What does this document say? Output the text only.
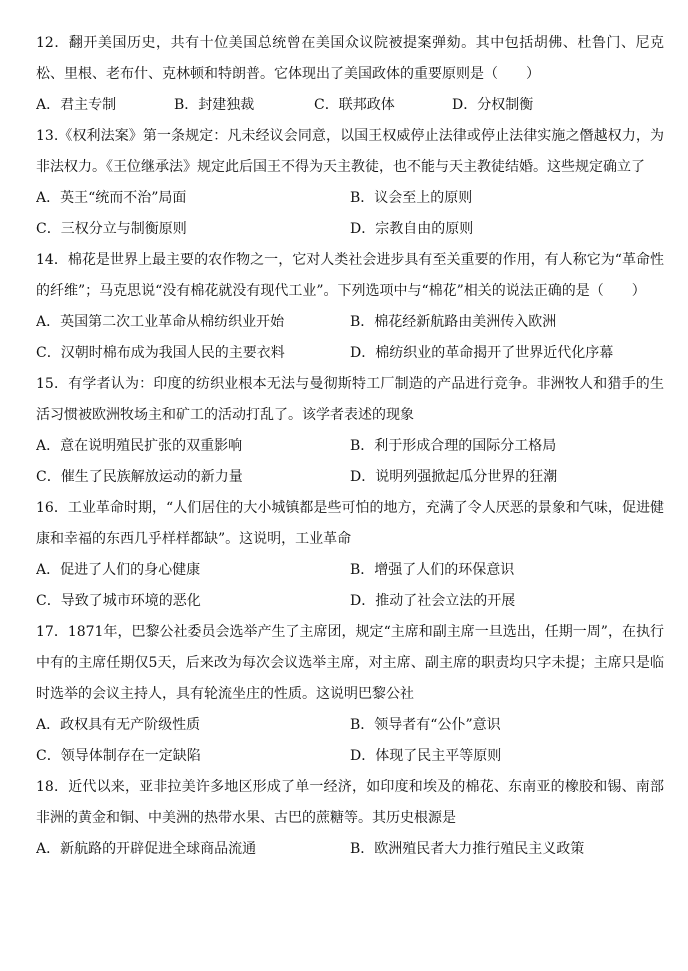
12．翻开美国历史，共有十位美国总统曾在美国众议院被提案弹劾。其中包括胡佛、杜鲁门、尼克松、里根、老布什、克林顿和特朗普。它体现出了美国政体的重要原则是（　　）

A．君主专制	B．封建独裁	C．联邦政体	D．分权制衡

13.《权利法案》第一条规定：凡未经议会同意，以国王权威停止法律或停止法律实施之僭越权力，为非法权力。《王位继承法》规定此后国王不得为天主教徒，也不能与天主教徒结婚。这些规定确立了

A．英王“统而不治”局面	B．议会至上的原则
C．三权分立与制衡原则	D．宗教自由的原则

14．棉花是世界上最主要的农作物之一，它对人类社会进步具有至关重要的作用，有人称它为“革命性的纤维”；马克思说“没有棉花就没有现代工业”。下列选项中与“棉花”相关的说法正确的是（　　）

A．英国第二次工业革命从棉纺织业开始	B．棉花经新航路由美洲传入欧洲
C．汉朝时棉布成为我国人民的主要衣料	D．棉纺织业的革命揭开了世界近代化序幕

15．有学者认为：印度的纺织业根本无法与曼彻斯特工厂制造的产品进行竞争。非洲牧人和猎手的生活习惯被欧洲牧场主和矿工的活动打乱了。该学者表述的现象

A．意在说明殖民扩张的双重影响	B．利于形成合理的国际分工格局
C．催生了民族解放运动的新力量	D．说明列强掀起瓜分世界的狂潮

16．工业革命时期，“人们居住的大小城镇都是些可怕的地方，充满了令人厌恶的景象和气味，促进健康和幸福的东西几乎样样都缺”。这说明，工业革命

A．促进了人们的身心健康	B．增强了人们的环保意识
C．导致了城市环境的恶化	D．推动了社会立法的开展

17．1871年，巴黎公社委员会选举产生了主席团，规定“主席和副主席一旦选出，任期一周”，在执行中有的主席任期仅5天，后来改为每次会议选举主席，对主席、副主席的职责均只字未提；主席只是临时选举的会议主持人，具有轮流坐庄的性质。这说明巴黎公社

A．政权具有无产阶级性质	B．领导者有“公仆”意识
C．领导体制存在一定缺陷	D．体现了民主平等原则

18．近代以来，亚非拉美许多地区形成了单一经济，如印度和埃及的棉花、东南亚的橡胶和锡、南部非洲的黄金和铜、中美洲的热带水果、古巴的蔗糖等。其历史根源是

A．新航路的开辟促进全球商品流通	B．欧洲殖民者大力推行殖民主义政策
